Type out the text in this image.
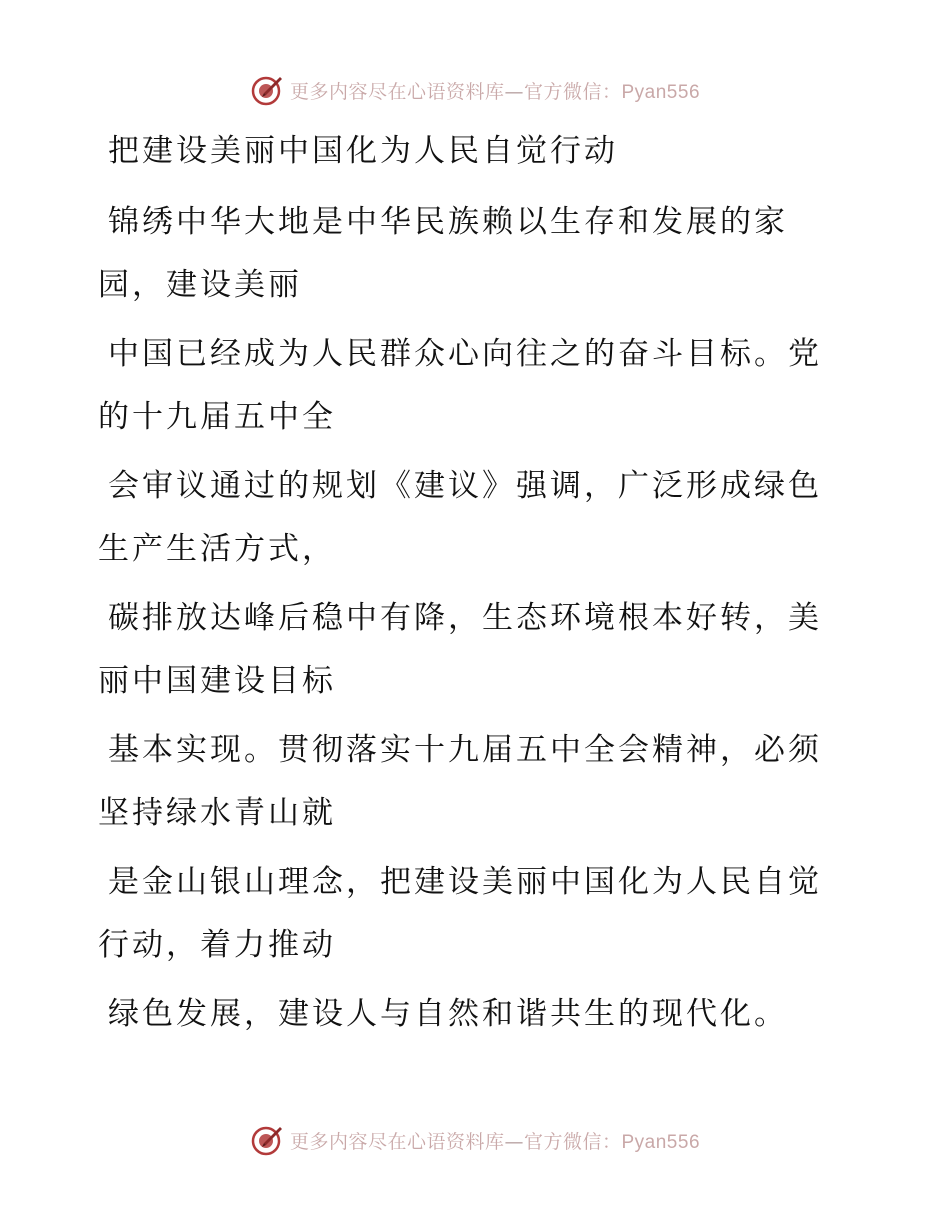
更多内容尽在心语资料库—官方微信：Pyan556
把建设美丽中国化为人民自觉行动
锦绣中华大地是中华民族赖以生存和发展的家
园，建设美丽
中国已经成为人民群众心向往之的奋斗目标。党
的十九届五中全
会审议通过的规划《建议》强调，广泛形成绿色
生产生活方式，
碳排放达峰后稳中有降，生态环境根本好转，美
丽中国建设目标
基本实现。贯彻落实十九届五中全会精神，必须
坚持绿水青山就
是金山银山理念，把建设美丽中国化为人民自觉
行动，着力推动
绿色发展，建设人与自然和谐共生的现代化。
更多内容尽在心语资料库—官方微信：Pyan556
